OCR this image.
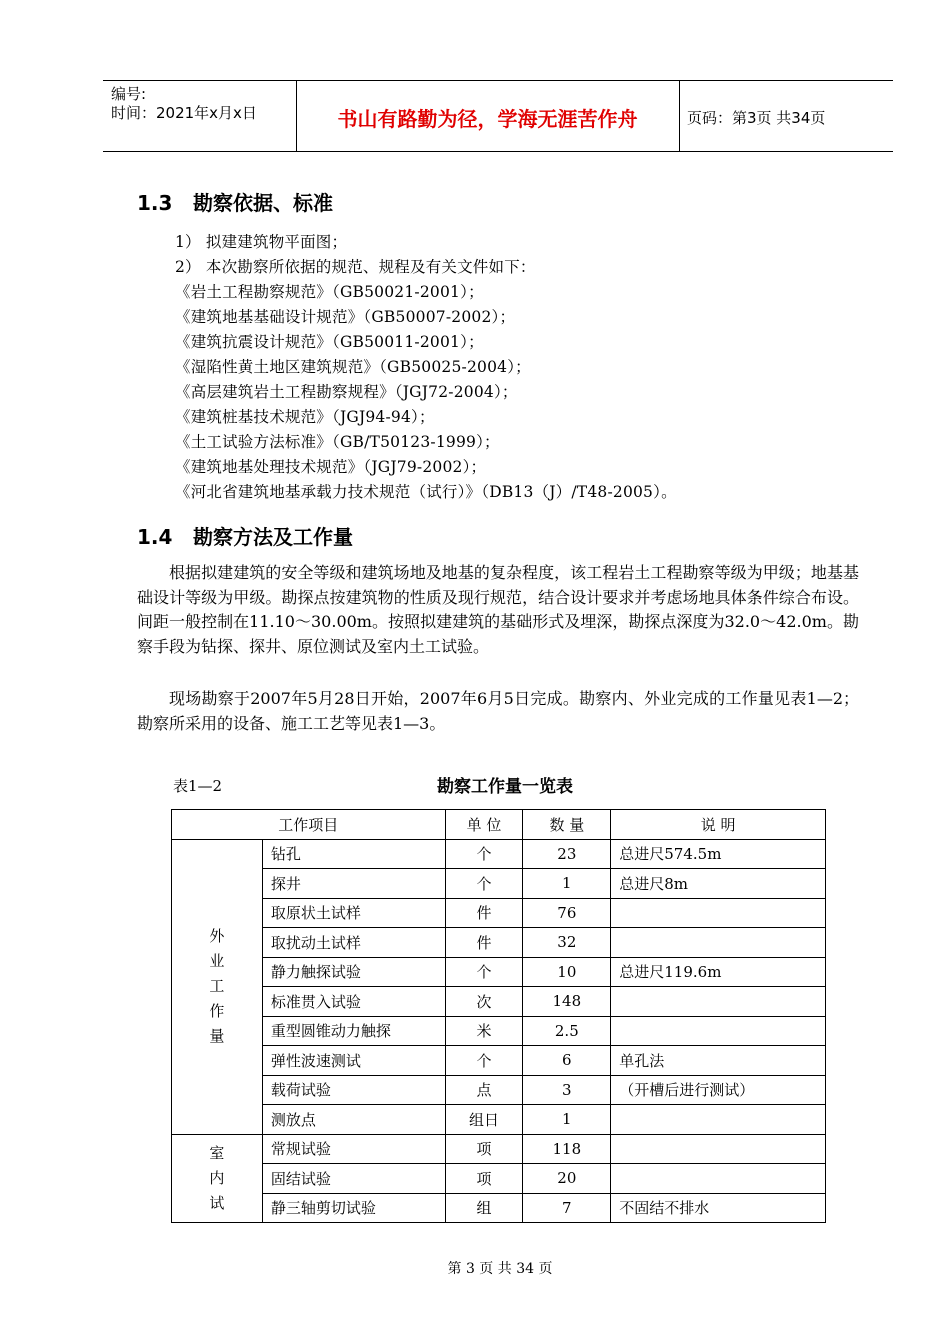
编号:
时间：2021年x月x日	书山有路勤为径，学海无涯苦作舟	页码：第3页 共34页
1.3 勘察依据、标准
1） 拟建建筑物平面图；
2） 本次勘察所依据的规范、规程及有关文件如下：
《岩土工程勘察规范》（GB50021-2001）；
《建筑地基基础设计规范》（GB50007-2002）；
《建筑抗震设计规范》（GB50011-2001）；
《湿陷性黄土地区建筑规范》（GB50025-2004）；
《高层建筑岩土工程勘察规程》（JGJ72-2004）；
《建筑桩基技术规范》（JGJ94-94）；
《土工试验方法标准》（GB/T50123-1999）；
《建筑地基处理技术规范》（JGJ79-2002）；
《河北省建筑地基承载力技术规范（试行）》（DB13（J）/T48-2005）。
1.4 勘察方法及工作量

根据拟建建筑的安全等级和建筑场地及地基的复杂程度，该工程岩土工程勘察等级为甲级；地基基础设计等级为甲级。勘探点按建筑物的性质及现行规范，结合设计要求并考虑场地具体条件综合布设。间距一般控制在11.10～30.00m。按照拟建建筑的基础形式及埋深，勘探点深度为32.0～42.0m。勘察手段为钻探、探井、原位测试及室内土工试验。

现场勘察于2007年5月28日开始，2007年6月5日完成。勘察内、外业完成的工作量见表1—2；勘察所采用的设备、施工工艺等见表1—3。

表1—2	勘察工作量一览表
工作项目		单 位	数 量	说 明

外业工作量	钻孔	个	23	总进尺574.5m
	探井	个	1	总进尺8m
	取原状土试样	件	76	
	取扰动土试样	件	32	
	静力触探试验	个	10	总进尺119.6m
	标准贯入试验	次	148	
	重型圆锥动力触探	米	2.5	
	弹性波速测试	个	6	单孔法
	载荷试验	点	3	（开槽后进行测试）
	测放点	组日	1	

室内试	常规试验	项	118	
	固结试验	项	20	
	静三轴剪切试验	组	7	不固结不排水
第 3 页 共 34 页
